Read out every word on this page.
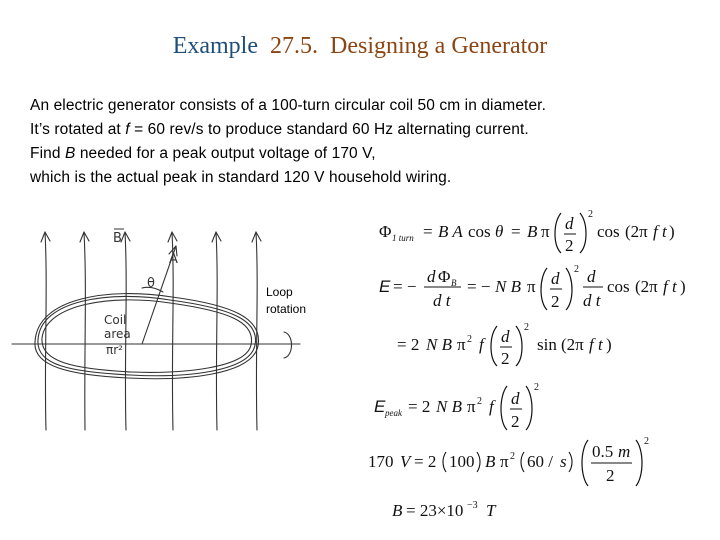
Example 27.5. Designing a Generator
An electric generator consists of a 100-turn circular coil 50 cm in diameter.
It’s rotated at f = 60 rev/s to produce standard 60 Hz alternating current.
Find B needed for a peak output voltage of 170 V,
which is the actual peak in standard 120 V household wiring.
B
A
θ
Coil
area
πr²
Loop
rotation
Φ 1 turn = B A cos θ = B π d
2
2
cos (2π f t )
E = −
d Φ B
d t
= − N B π d
2
2 d
d t
cos (2π f t )
= 2 N B π 2 f d
2
2
sin (2π f t )
E peak = 2 N B π 2 f d
2
2
170 V = 2 100 B π 2 60 / s
0.5 m
2
2
B = 23×10 −3 T
